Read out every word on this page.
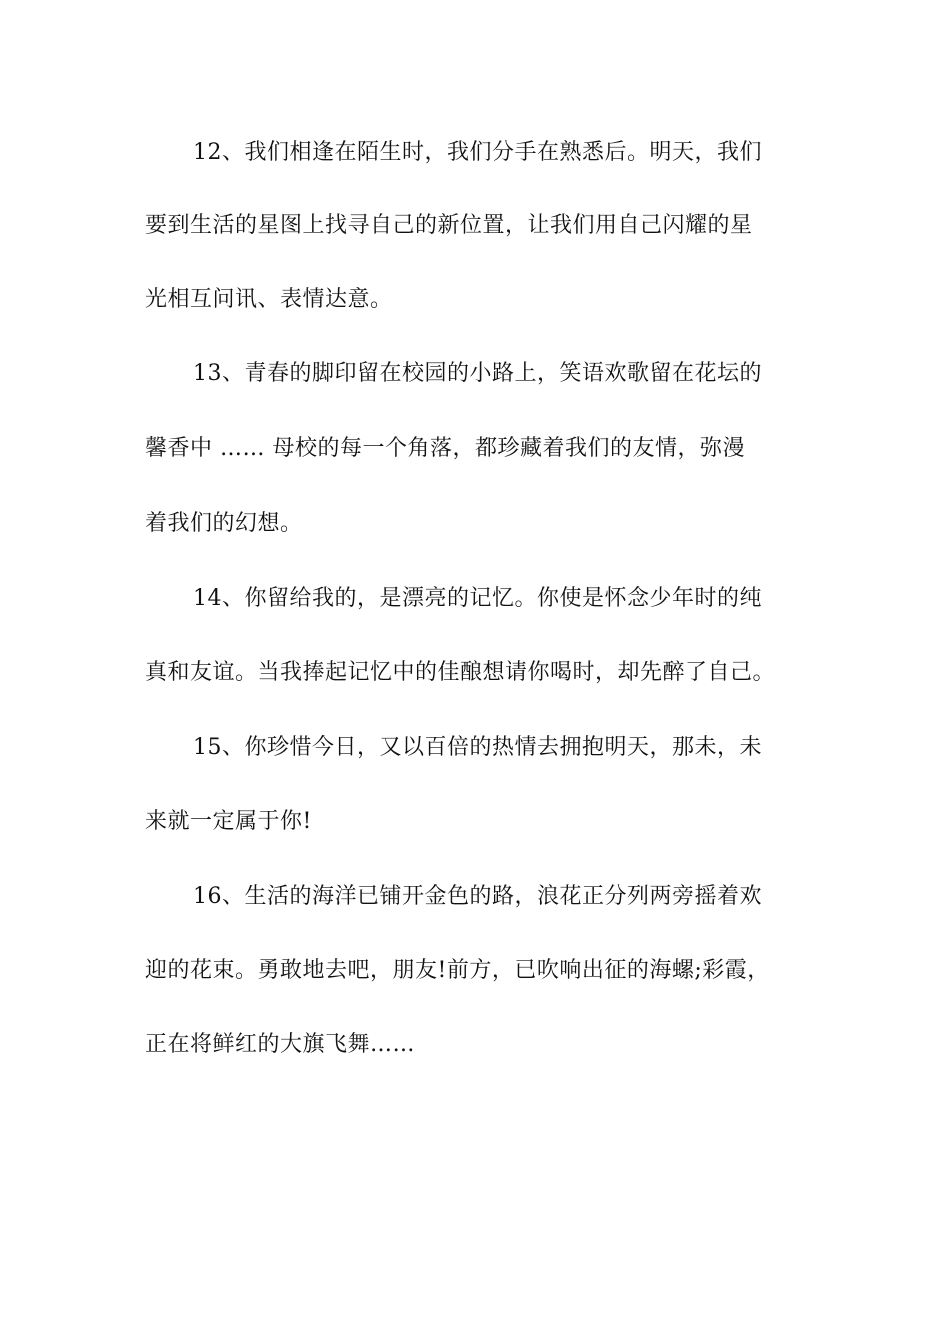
12、我们相逢在陌生时，我们分手在熟悉后。明天，我们
要到生活的星图上找寻自己的新位置，让我们用自己闪耀的星
光相互问讯、表情达意。
13、青春的脚印留在校园的小路上，笑语欢歌留在花坛的
馨香中 …… 母校的每一个角落，都珍藏着我们的友情，弥漫
着我们的幻想。
14、你留给我的，是漂亮的记忆。你使是怀念少年时的纯
真和友谊。当我捧起记忆中的佳酿想请你喝时，却先醉了自己。
15、你珍惜今日，又以百倍的热情去拥抱明天，那未，未
来就一定属于你!
16、生活的海洋已铺开金色的路，浪花正分列两旁摇着欢
迎的花束。勇敢地去吧，朋友!前方，已吹响出征的海螺;彩霞，
正在将鲜红的大旗飞舞……
